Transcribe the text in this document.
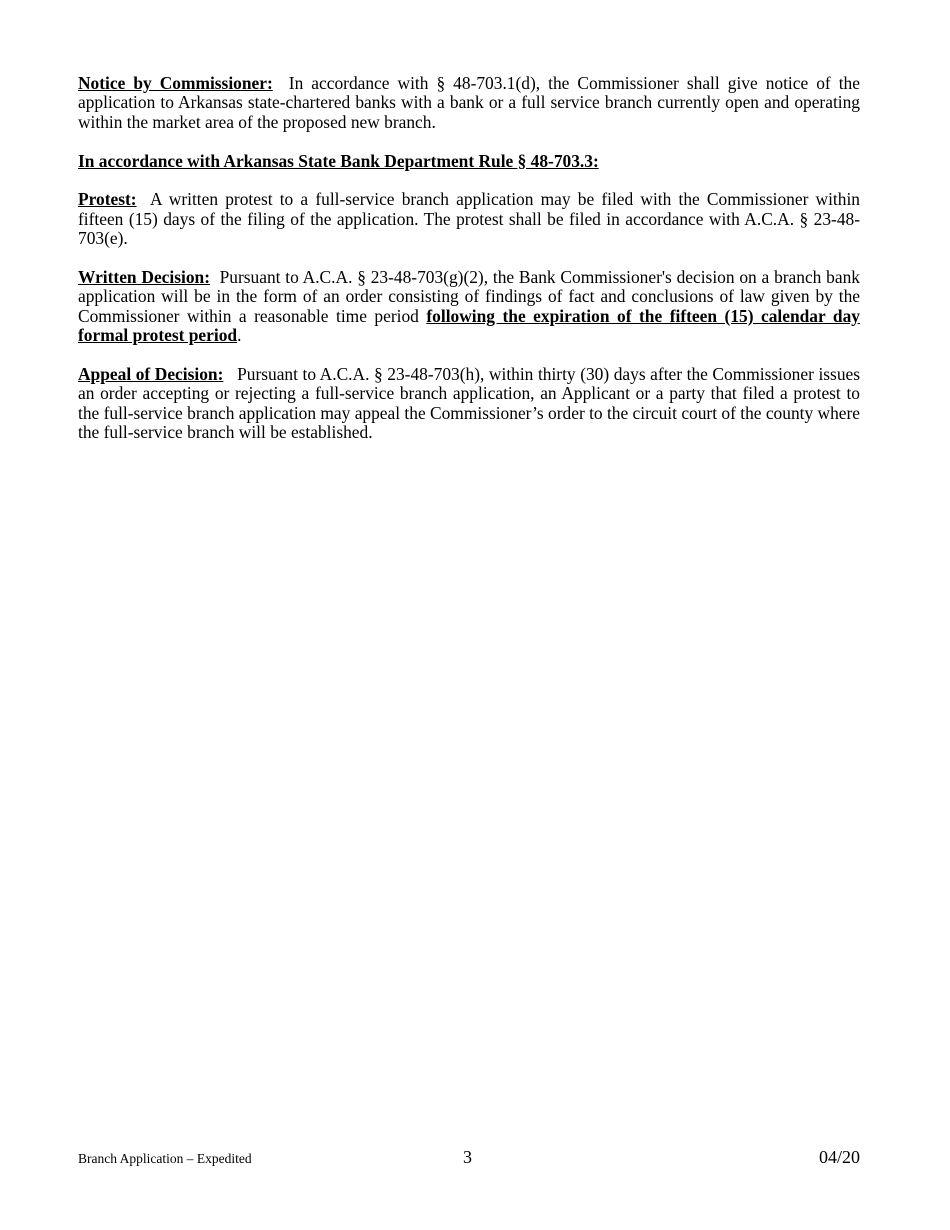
Notice by Commissioner: In accordance with § 48-703.1(d), the Commissioner shall give notice of the application to Arkansas state-chartered banks with a bank or a full service branch currently open and operating within the market area of the proposed new branch.

In accordance with Arkansas State Bank Department Rule § 48-703.3:

Protest: A written protest to a full-service branch application may be filed with the Commissioner within fifteen (15) days of the filing of the application. The protest shall be filed in accordance with A.C.A. § 23-48-703(e).

Written Decision: Pursuant to A.C.A. § 23-48-703(g)(2), the Bank Commissioner's decision on a branch bank application will be in the form of an order consisting of findings of fact and conclusions of law given by the Commissioner within a reasonable time period following the expiration of the fifteen (15) calendar day formal protest period.

Appeal of Decision: Pursuant to A.C.A. § 23-48-703(h), within thirty (30) days after the Commissioner issues an order accepting or rejecting a full-service branch application, an Applicant or a party that filed a protest to the full-service branch application may appeal the Commissioner’s order to the circuit court of the county where the full-service branch will be established.

Branch Application – Expedited	3	04/20
